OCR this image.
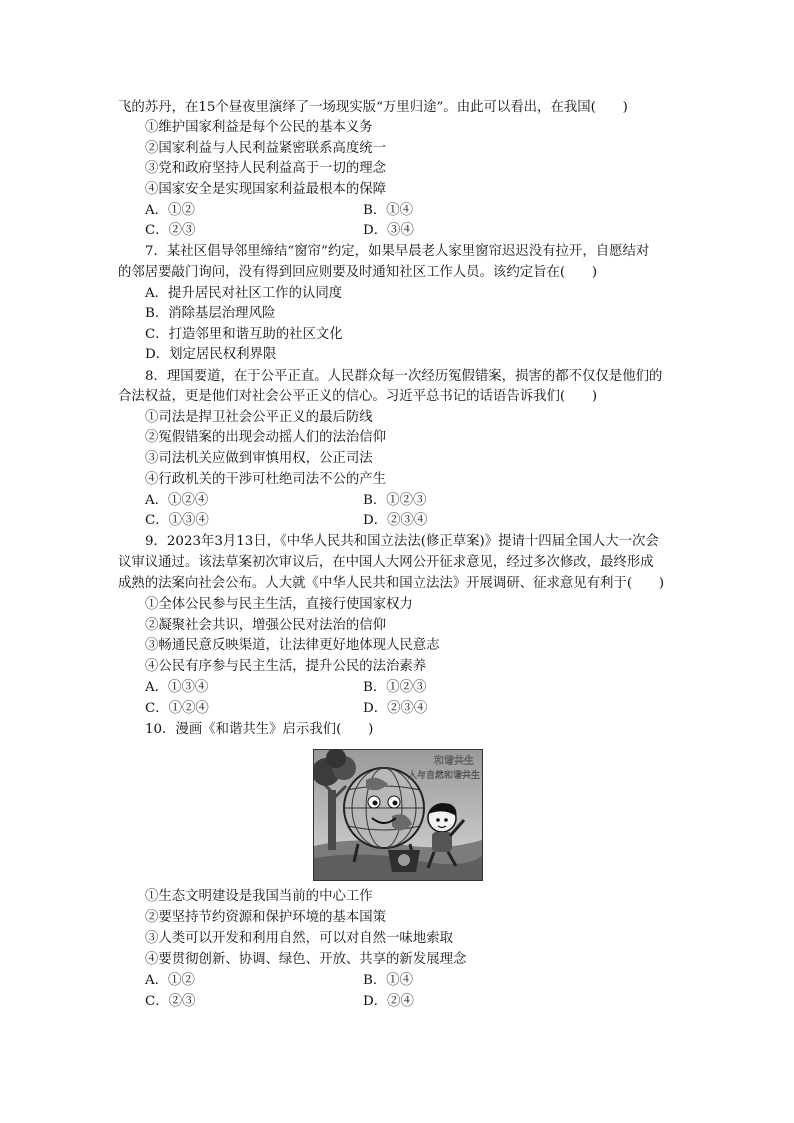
飞的苏丹，在15个昼夜里演绎了一场现实版“万里归途”。由此可以看出，在我国(　　)
①维护国家利益是每个公民的基本义务
②国家利益与人民利益紧密联系高度统一
③党和政府坚持人民利益高于一切的理念
④国家安全是实现国家利益最根本的保障
A．①②	B．①④
C．②③	D．③④
7．某社区倡导邻里缔结“窗帘”约定，如果早晨老人家里窗帘迟迟没有拉开，自愿结对
的邻居要敲门询问，没有得到回应则要及时通知社区工作人员。该约定旨在(　　)
A．提升居民对社区工作的认同度
B．消除基层治理风险
C．打造邻里和谐互助的社区文化
D．划定居民权利界限
8．理国要道，在于公平正直。人民群众每一次经历冤假错案，损害的都不仅仅是他们的
合法权益，更是他们对社会公平正义的信心。习近平总书记的话语告诉我们(　　)
①司法是捍卫社会公平正义的最后防线
②冤假错案的出现会动摇人们的法治信仰
③司法机关应做到审慎用权，公正司法
④行政机关的干涉可杜绝司法不公的产生
A．①②④	B．①②③
C．①③④	D．②③④
9．2023年3月13日，《中华人民共和国立法法(修正草案)》提请十四届全国人大一次会
议审议通过。该法草案初次审议后，在中国人大网公开征求意见，经过多次修改，最终形成
成熟的法案向社会公布。人大就《中华人民共和国立法法》开展调研、征求意见有利于(　　)
①全体公民参与民主生活，直接行使国家权力
②凝聚社会共识，增强公民对法治的信仰
③畅通民意反映渠道，让法律更好地体现人民意志
④公民有序参与民主生活，提升公民的法治素养
A．①③④	B．①②③
C．①②④	D．②③④
10．漫画《和谐共生》启示我们(　　)
和谐共生
人与自然和谐共生
①生态文明建设是我国当前的中心工作
②要坚持节约资源和保护环境的基本国策
③人类可以开发和利用自然，可以对自然一味地索取
④要贯彻创新、协调、绿色、开放、共享的新发展理念
A．①②	B．①④
C．②③	D．②④
